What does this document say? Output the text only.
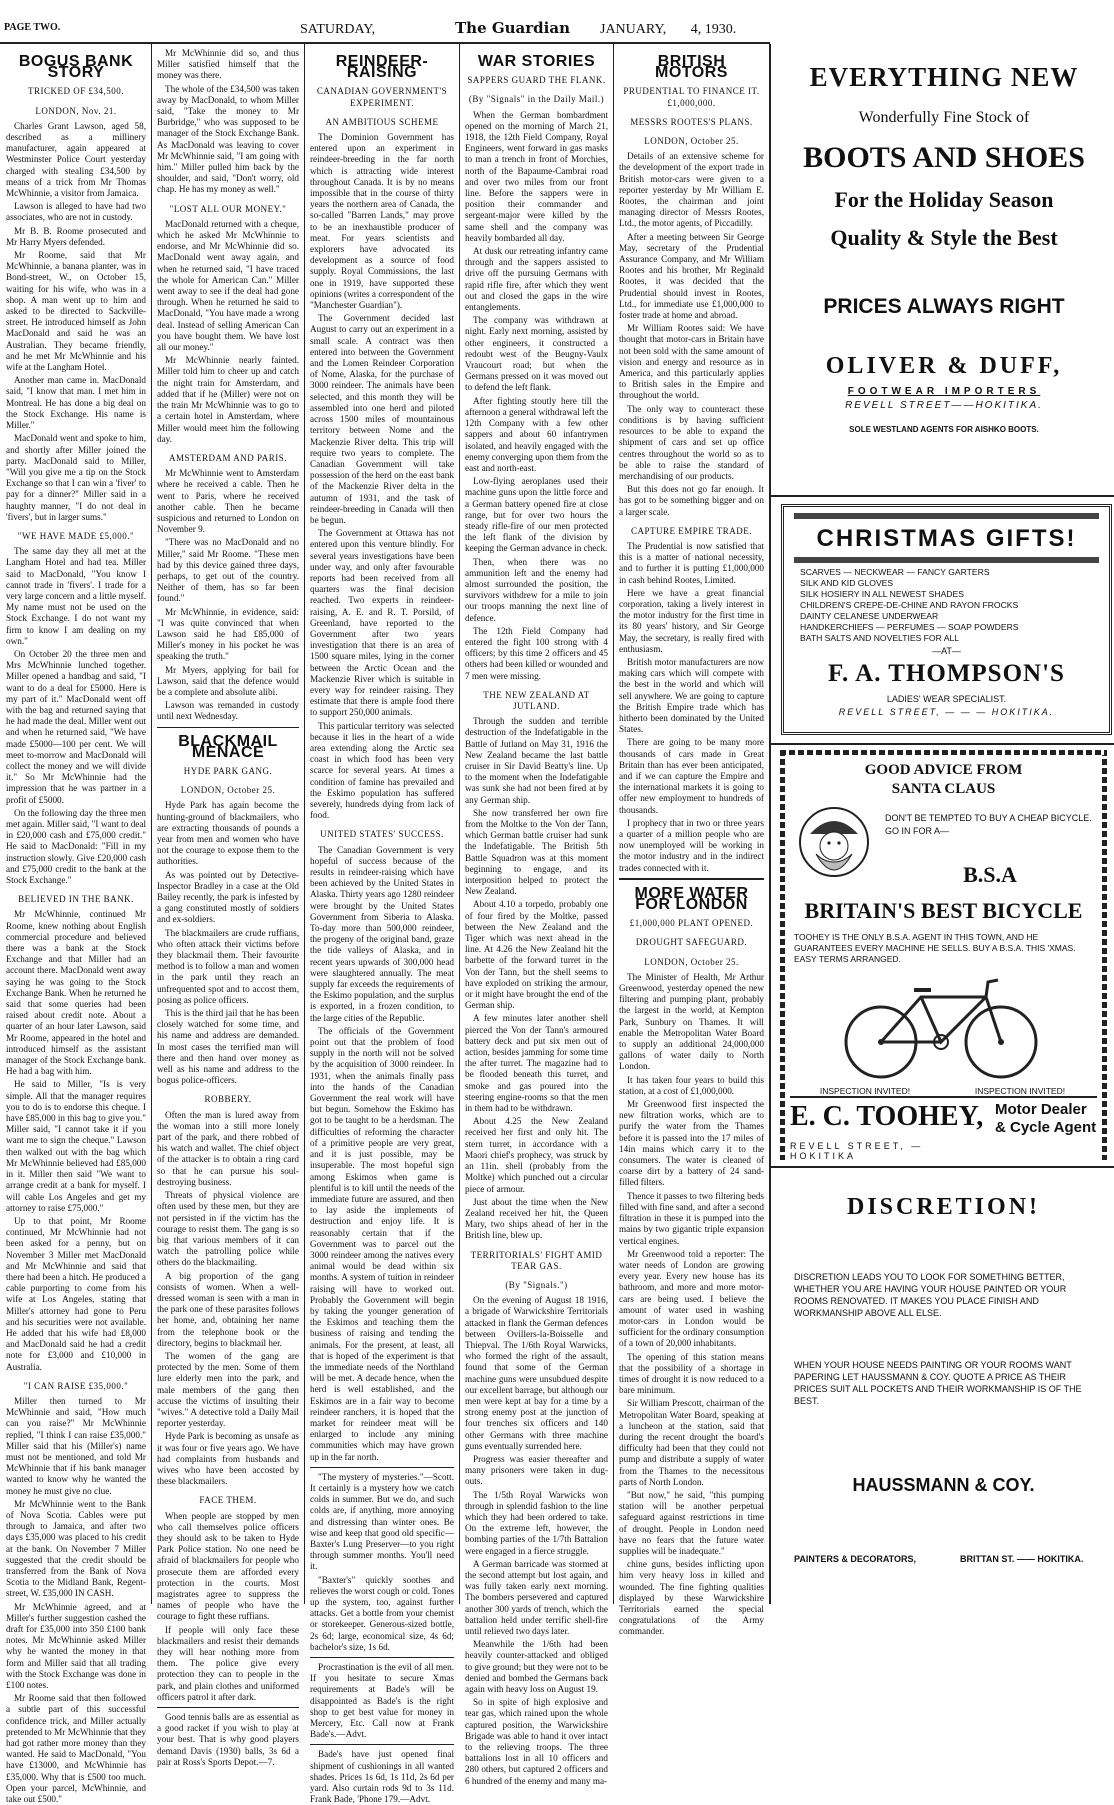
PAGE TWO.	SATURDAY,	The Guardian JANUARY,       4, 1930.
BOGUS BANK STORY
TRICKED OF £34,500.
LONDON, Nov. 21.

Charles Grant Lawson, aged 58, described as a millinery manufacturer, again appeared at Westminster Police Court yesterday charged with stealing £34,500 by means of a trick from Mr Thomas McWhinnie, a visitor from Jamaica.

Lawson is alleged to have had two associates, who are not in custody.

Mr B. B. Roome prosecuted and Mr Harry Myers defended.

Mr Roome, said that Mr McWhinnie, a banana planter, was in Bond-street, W., on October 15, waiting for his wife, who was in a shop. A man went up to him and asked to be directed to Sackville-street. He introduced himself as John MacDonald and said he was an Australian. They became friendly, and he met Mr McWhinnie and his wife at the Langham Hotel.

Another man came in. MacDonald said, "I know that man. I met him in Montreal. He has done a big deal on the Stock Exchange. His name is Miller."

MacDonald went and spoke to him, and shortly after Miller joined the party. MacDonald said to Miller, "Will you give me a tip on the Stock Exchange so that I can win a 'fiver' to pay for a dinner?" Miller said in a haughty manner, "I do not deal in 'fivers', but in larger sums."

"WE HAVE MADE £5,000."

The same day they all met at the Langham Hotel and had tea. Miller said to MacDonald, "You know I cannot trade in 'fivers'. I trade for a very large concern and a little myself. My name must not be used on the Stock Exchange. I do not want my firm to know I am dealing on my own."

On October 20 the three men and Mrs McWhinnie lunched together. Miller opened a handbag and said, "I want to do a deal for £5000. Here is my part of it." MacDonald went off with the bag and returned saying that he had made the deal. Miller went out and when he returned said, "We have made £5000—100 per cent. We will meet to-morrow and MacDonald will collect the money and we will divide it." So Mr McWhinnie had the impression that he was partner in a profit of £5000.

On the following day the three men met again. Miller said, "I want to deal in £20,000 cash and £75,000 credit." He said to MacDonald: "Fill in my instruction slowly. Give £20,000 cash and £75,000 credit to the bank at the Stock Exchange."

BELIEVED IN THE BANK.

Mr McWhinnie, continued Mr Roome, knew nothing about English commercial procedure and believed there was a bank at the Stock Exchange and that Miller had an account there. MacDonald went away saying he was going to the Stock Exchange Bank. When he returned he said that some queries had been raised about credit note. About a quarter of an hour later Lawson, said Mr Roome, appeared in the hotel and introduced himself as the assistant manager of the Stock Exchange bank. He had a bag with him.

He said to Miller, "Is is very simple. All that the manager requires you to do is to endorse this cheque. I have £85,000 in this bag to give you." Miller said, "I cannot take it if you want me to sign the cheque." Lawson then walked out with the bag which Mr McWhinnie believed had £85,000 in it. Miller then said "We want to arrange credit at a bank for myself. I will cable Los Angeles and get my attorney to raise £75,000."

Up to that point, Mr Roome continued, Mr McWhinnie had not been asked for a penny, but on November 3 Miller met MacDonald and Mr McWhinnie and said that there had been a hitch. He produced a cable purporting to come from his wife at Los Angeles, stating that Miller's attorney had gone to Peru and his securities were not available. He added that his wife had £8,000 and MacDonald said he had a credit note for £3,000 and £10,000 in Australia.

"I CAN RAISE £35,000."

Miller then turned to Mr McWhinnie and said, "How much can you raise?" Mr McWhinnie replied, "I think I can raise £35,000." Miller said that his (Miller's) name must not be mentioned, and told Mr McWhinnie that if his bank manager wanted to know why he wanted the money he must give no clue.

Mr McWhinnie went to the Bank of Nova Scotia. Cables were put through to Jamaica, and after two days £35,000 was placed to his credit at the bank. On November 7 Miller suggested that the credit should be transferred from the Bank of Nova Scotia to the Midland Bank, Regent-street, W. £35,000 IN CASH.

Mr McWhinnie agreed, and at Miller's further suggestion cashed the draft for £35,000 into 350 £100 bank notes. Mr McWhinnie asked Miller why he wanted the money in that form and Miller said that all trading with the Stock Exchange was done in £100 notes.

Mr Roome said that then followed a subtle part of this successful confidence trick, and Miller actually pretended to Mr McWhinnie that they had got rather more money than they wanted. He said to MacDonald, "You have £13000, and McWhinnie has £35,000. Why that is £500 too much. Open your parcel, McWhinnie, and take out £500."

Mr McWhinnie did so, and thus Miller satisfied himself that the money was there.

The whole of the £34,500 was taken away by MacDonald, to whom Miller said, "Take the money to Mr Burbridge," who was supposed to be manager of the Stock Exchange Bank. As MacDonald was leaving to cover Mr McWhinnie said, "I am going with him." Miller pulled him back by the shoulder, and said, "Don't worry, old chap. He has my money as well."

"LOST ALL OUR MONEY."

MacDonald returned with a cheque, which he asked Mr McWhinnie to endorse, and Mr McWhinnie did so. MacDonald went away again, and when he returned said, "I have traced the whole for American Can." Miller went away to see if the deal had gone through. When he returned he said to MacDonald, "You have made a wrong deal. Instead of selling American Can you have bought them. We have lost all our money."

Mr McWhinnie nearly fainted. Miller told him to cheer up and catch the night train for Amsterdam, and added that if he (Miller) were not on the train Mr McWhinnie was to go to a certain hotel in Amsterdam, where Miller would meet him the following day.

AMSTERDAM AND PARIS.

Mr McWhinnie went to Amsterdam where he received a cable. Then he went to Paris, where he received another cable. Then he became suspicious and returned to London on November 9.

"There was no MacDonald and no Miller," said Mr Roome. "These men had by this device gained three days, perhaps, to get out of the country. Neither of them, has so far been found."

Mr McWhinnie, in evidence, said: "I was quite convinced that when Lawson said he had £85,000 of Miller's money in his pocket he was speaking the truth."

Mr Myers, applying for bail for Lawson, said that the defence would be a complete and absolute alibi.

Lawson was remanded in custody until next Wednesday.

BLACKMAIL MENACE
HYDE PARK GANG.
LONDON, October 25.

Hyde Park has again become the hunting-ground of blackmailers, who are extracting thousands of pounds a year from men and women who have not the courage to expose them to the authorities.

As was pointed out by Detective-Inspector Bradley in a case at the Old Bailey recently, the park is infested by a gang constituted mostly of soldiers and ex-soldiers.

The blackmailers are crude ruffians, who often attack their victims before they blackmail them. Their favourite method is to follow a man and women in the park until they reach an unfrequented spot and to accost them, posing as police officers.

This is the third jail that he has been closely watched for some time, and his name and address are demanded. In most cases the terrified man will there and then hand over money as well as his name and address to the bogus police-officers.

ROBBERY.

Often the man is lured away from the woman into a still more lonely part of the park, and there robbed of his watch and wallet. The chief object of the attacker is to obtain a ring card so that he can pursue his soul-destroying business.

Threats of physical violence are often used by these men, but they are not persisted in if the victim has the courage to resist them. The gang is so big that various members of it can watch the patrolling police while others do the blackmailing.

A big proportion of the gang consists of women. When a well-dressed woman is seen with a man in the park one of these parasites follows her home, and, obtaining her name from the telephone book or the directory, begins to blackmail her.

The women of the gang are protected by the men. Some of them lure elderly men into the park, and male members of the gang then accuse the victims of insulting their "wives." A detective told a Daily Mail reporter yesterday.

Hyde Park is becoming as unsafe as it was four or five years ago. We have had complaints from husbands and wives who have been accosted by these blackmailers.

FACE THEM.

When people are stopped by men who call themselves police officers they should ask to be taken to Hyde Park Police station. No one need be afraid of blackmailers for people who prosecute them are afforded every protection in the courts. Most magistrates agree to suppress the names of people who have the courage to fight these ruffians.

If people will only face these blackmailers and resist their demands they will hear nothing more from them. The police give every protection they can to people in the park, and plain clothes and uniformed officers patrol it after dark.

Good tennis balls are as essential as a good racket if you wish to play at your best. That is why good players demand Davis (1930) balls, 3s 6d a pair at Ross's Sports Depot.—7.

REINDEER-RAISING
CANADIAN GOVERNMENT'S EXPERIMENT.
AN AMBITIOUS SCHEME

The Dominion Government has entered upon an experiment in reindeer-breeding in the far north which is attracting wide interest throughout Canada. It is by no means impossible that in the course of thirty years the northern area of Canada, the so-called "Barren Lands," may prove to be an inexhaustible producer of meat. For years scientists and explorers have advocated its development as a source of food supply. Royal Commissions, the last one in 1919, have supported these opinions (writes a correspondent of the "Manchester Guardian").

The Government decided last August to carry out an experiment in a small scale. A contract was then entered into between the Government and the Lomen Reindeer Corporation of Nome, Alaska, for the purchase of 3000 reindeer. The animals have been selected, and this month they will be assembled into one herd and piloted across 1500 miles of mountainous territory between Nome and the Mackenzie River delta. This trip will require two years to complete. The Canadian Government will take possession of the herd on the east bank of the Mackenzie River delta in the autumn of 1931, and the task of reindeer-breeding in Canada will then be begun.

The Government at Ottawa has not entered upon this venture blindly. For several years investigations have been under way, and only after favourable reports had been received from all quarters was the final decision reached. Two experts in reindeer-raising, A. E. and R. T. Porsild, of Greenland, have reported to the Government after two years investigation that there is an area of 1500 square miles, lying in the corner between the Arctic Ocean and the Mackenzie River which is suitable in every way for reindeer raising. They estimate that there is ample food there to support 250,000 animals.

This particular territory was selected because it lies in the heart of a wide area extending along the Arctic sea coast in which food has been very scarce for several years. At times a condition of famine has prevailed and the Eskimo population has suffered severely, hundreds dying from lack of food.

UNITED STATES' SUCCESS.

The Canadian Government is very hopeful of success because of the results in reindeer-raising which have been achieved by the United States in Alaska. Thirty years ago 1280 reindeer were brought by the United States Government from Siberia to Alaska. To-day more than 500,000 reindeer, the progeny of the original band, graze the tide valleys of Alaska, and in recent years upwards of 300,000 head were slaughtered annually. The meat supply far exceeds the requirements of the Eskimo population, and the surplus is exported, in a frozen condition, to the large cities of the Republic.

The officials of the Government point out that the problem of food supply in the north will not be solved by the acquisition of 3000 reindeer. In 1931, when the animals finally pass into the hands of the Canadian Government the real work will have but begun. Somehow the Eskimo has got to be taught to be a herdsman. The difficulties of reforming the character of a primitive people are very great, and it is just possible, may be insuperable. The most hopeful sign among Eskimos when game is plentiful is to kill until the needs of the immediate future are assured, and then to lay aside the implements of destruction and enjoy life. It is reasonably certain that if the Government was to parcel out the 3000 reindeer among the natives every animal would be dead within six months. A system of tuition in reindeer raising will have to worked out. Probably the Government will begin by taking the younger generation of the Eskimos and teaching them the business of raising and tending the animals. For the present, at least, all that is hoped of the experiment is that the immediate needs of the Northland will be met. A decade hence, when the herd is well established, and the Eskimos are in a fair way to become reindeer ranchers, it is hoped that the market for reindeer meat will be enlarged to include any mining communities which may have grown up in the far north.

"The mystery of mysteries."—Scott. It certainly is a mystery how we catch colds in summer. But we do, and such colds are, if anything, more annoying and distressing than winter ones. Be wise and keep that good old specific—Baxter's Lung Preserver—to you right through summer months. You'll need it.

"Baxter's" quickly soothes and relieves the worst cough or cold. Tones up the system, too, against further attacks. Get a bottle from your chemist or storekeeper. Generous-sized bottle, 2s 6d; large, economical size, 4s 6d; bachelor's size, 1s 6d.

Procrastination is the evil of all men. If you hesitate to secure Xmas requirements at Bade's will be disappointed as Bade's is the right shop to get best value for money in Mercery, Etc. Call now at Frank Bade's.—Advt.

Bade's have just opened final shipment of cushionings in all wanted shades. Prices 1s 6d, 1s 11d, 2s 6d per yard. Also curtain rods 9d to 3s 11d. Frank Bade, 'Phone 179.—Advt.

WAR STORIES
SAPPERS GUARD THE FLANK.
(By "Signals" in the Daily Mail.)

When the German bombardment opened on the morning of March 21, 1918, the 12th Field Company, Royal Engineers, went forward in gas masks to man a trench in front of Morchies, north of the Bapaume-Cambrai road and over two miles from our front line. Before the sappers were in position their commander and sergeant-major were killed by the same shell and the company was heavily bombarded all day.

At dusk our retreating infantry came through and the sappers assisted to drive off the pursuing Germans with rapid rifle fire, after which they went out and closed the gaps in the wire entanglements.

The company was withdrawn at night. Early next morning, assisted by other engineers, it constructed a redoubt west of the Beugny-Vaulx Vraucourt road; but when the Germans pressed on it was moved out to defend the left flank.

After fighting stoutly here till the afternoon a general withdrawal left the 12th Company with a few other sappers and about 60 infantrymen isolated, and heavily engaged with the enemy converging upon them from the east and north-east.

Low-flying aeroplanes used their machine guns upon the little force and a German battery opened fire at close range, but for over two hours the steady rifle-fire of our men protected the left flank of the division by keeping the German advance in check.

Then, when there was no ammunition left and the enemy had almost surrounded the position, the survivors withdrew for a mile to join our troops manning the next line of defence.

The 12th Field Company had entered the fight 100 strong with 4 officers; by this time 2 officers and 45 others had been killed or wounded and 7 men were missing.

THE NEW ZEALAND AT JUTLAND.

Through the sudden and terrible destruction of the Indefatigable in the Battle of Jutland on May 31, 1916 the New Zealand became the last battle cruiser in Sir David Beatty's line. Up to the moment when the Indefatigable was sunk she had not been fired at by any German ship.

She now transferred her own fire from the Moltke to the Von der Tann, which German battle cruiser had sunk the Indefatigable. The British 5th Battle Squadron was at this moment beginning to engage, and its interposition helped to protect the New Zealand.

About 4.10 a torpedo, probably one of four fired by the Moltke, passed between the New Zealand and the Tiger which was next ahead in the line. At 4.26 the New Zealand hit the barbette of the forward turret in the Von der Tann, but the shell seems to have exploded on striking the armour, or it might have brought the end of the German ship.

A few minutes later another shell pierced the Von der Tann's armoured battery deck and put six men out of action, besides jamming for some time the after turret. The magazine had to be flooded beneath this turret, and smoke and gas poured into the steering engine-rooms so that the men in them had to be withdrawn.

About 4.25 the New Zealand received her first and only hit. The stern turret, in accordance with a Maori chief's prophecy, was struck by an 11in. shell (probably from the Moltke) which punched out a circular piece of armour.

Just about the time when the New Zealand received her hit, the Queen Mary, two ships ahead of her in the British line, blew up.

TERRITORIALS' FIGHT AMID TEAR GAS.
(By "Signals.")

On the evening of August 18 1916, a brigade of Warwickshire Territorials attacked in flank the German defences between Ovillers-la-Boisselle and Thiepval. The 1/6th Royal Warwicks, who formed the right of the assault, found that some of the German machine guns were unsubdued despite our excellent barrage, but although our men were kept at bay for a time by a strong enemy post at the junction of four trenches six officers and 140 other Germans with three machine guns eventually surrended here.

Progress was easier thereafter and many prisoners were taken in dug-outs.

The 1/5th Royal Warwicks won through in splendid fashion to the line which they had been ordered to take. On the extreme left, however, the bombing parties of the 1/7th Battalion were engaged in a fierce struggle.

A German barricade was stormed at the second attempt but lost again, and was fully taken early next morning. The bombers persevered and captured another 300 yards of trench, which the battalion held under terrific shell-fire until relieved two days later.

Meanwhile the 1/6th had been heavily counter-attacked and obliged to give ground; but they were not to be denied and bombed the Germans back again with heavy loss on August 19.

So in spite of high explosive and tear gas, which rained upon the whole captured position, the Warwickshire Brigade was able to hand it over intact to the relieving troops. The three battalions lost in all 10 officers and 280 others, but captured 2 officers and 6 hundred of the enemy and many ma-

BRITISH MOTORS
PRUDENTIAL TO FINANCE IT. £1,000,000.
MESSRS ROOTES'S PLANS.
LONDON, October 25.

Details of an extensive scheme for the development of the export trade in British motor-cars were given to a reporter yesterday by Mr William E. Rootes, the chairman and joint managing director of Messrs Rootes, Ltd., the motor agents, of Piccadilly.

After a meeting between Sir George May, secretary of the Prudential Assurance Company, and Mr William Rootes and his brother, Mr Reginald Rootes, it was decided that the Prudential should invest in Rootes, Ltd., for immediate use £1,000,000 to foster trade at home and abroad.

Mr William Rootes said: We have thought that motor-cars in Britain have not been sold with the same amount of vision and energy and resource as in America, and this particularly applies to British sales in the Empire and throughout the world.

The only way to counteract these conditions is by having sufficient resources to be able to expand the shipment of cars and set up office centres throughout the world so as to be able to raise the standard of merchandising of our products.

But this does not go far enough. It has got to be something bigger and on a larger scale.

CAPTURE EMPIRE TRADE.

The Prudential is now satisfied that this is a matter of national necessity, and to further it is putting £1,000,000 in cash behind Rootes, Limited.

Here we have a great financial corporation, taking a lively interest in the motor industry for the first time in its 80 years' history, and Sir George May, the secretary, is really fired with enthusiasm.

British motor manufacturers are now making cars which will compete with the best in the world and which will sell anywhere. We are going to capture the British Empire trade which has hitherto been dominated by the United States.

There are going to be many more thousands of cars made in Great Britain than has ever been anticipated, and if we can capture the Empire and the international markets it is going to offer new employment to hundreds of thousands.

I prophecy that in two or three years a quarter of a million people who are now unemployed will be working in the motor industry and in the indirect trades connected with it.

MORE WATER FOR LONDON
£1,000,000 PLANT OPENED.
DROUGHT SAFEGUARD.
LONDON, October 25.

The Minister of Health, Mr Arthur Greenwood, yesterday opened the new filtering and pumping plant, probably the largest in the world, at Kempton Park, Sunbury on Thames. It will enable the Metropolitan Water Board to supply an additional 24,000,000 gallons of water daily to North London.

It has taken four years to build this station, at a cost of £1,000,000.

Mr Greenwood first inspected the new filtration works, which are to purify the water from the Thames before it is passed into the 17 miles of 14in mains which carry it to the consumers. The water is cleaned of coarse dirt by a battery of 24 sand-filled filters.

Thence it passes to two filtering beds filled with fine sand, and after a second filtration in these it is pumped into the mains by two gigantic triple expansion vertical engines.

Mr Greenwood told a reporter: The water needs of London are growing every year. Every new house has its bathroom, and more and more motor-cars are being used. I believe the amount of water used in washing motor-cars in London would be sufficient for the ordinary consumption of a town of 20,000 inhabitants.

The opening of this station means that the possibility of a shortage in times of drought it is now reduced to a bare minimum.

Sir William Prescott, chairman of the Metropolitan Water Board, speaking at a luncheon at the station, said that during the recent drought the board's difficulty had been that they could not pump and distribute a supply of water from the Thames to the necessitous parts of North London.

"But now," he said, "this pumping station will be another perpetual safeguard against restrictions in time of drought. People in London need have no fears that the future water supplies will be inadequate."

chine guns, besides inflicting upon him very heavy loss in killed and wounded. The fine fighting qualities displayed by these Warwickshire Territorials earned the special congratulations of the Army commander.

EVERYTHING NEW
Wonderfully Fine Stock of
BOOTS AND SHOES
For the Holiday Season
Quality & Style the Best
PRICES ALWAYS RIGHT
OLIVER & DUFF,
FOOTWEAR IMPORTERS
REVELL STREET——HOKITIKA.
SOLE WESTLAND AGENTS FOR AISHKO BOOTS.
CHRISTMAS GIFTS!
SCARVES — NECKWEAR — FANCY GARTERS
SILK AND KID GLOVES
SILK HOSIERY IN ALL NEWEST SHADES
CHILDREN'S CREPE-DE-CHINE AND RAYON FROCKS
DAINTY CELANESE UNDERWEAR
HANDKERCHIEFS — PERFUMES — SOAP POWDERS
BATH SALTS AND NOVELTIES FOR ALL
—AT—
F. A. THOMPSON'S
LADIES' WEAR SPECIALIST.
REVELL STREET, — — — HOKITIKA.
GOOD ADVICE FROM
SANTA CLAUS
DON'T BE TEMPTED TO BUY A CHEAP BICYCLE. GO IN FOR A—
B.S.A
BRITAIN'S BEST BICYCLE
TOOHEY IS THE ONLY B.S.A. AGENT IN THIS TOWN, AND HE GUARANTEES EVERY MACHINE HE SELLS. BUY A B.S.A. THIS 'XMAS. EASY TERMS ARRANGED.
INSPECTION INVITED!	INSPECTION INVITED!
E. C. TOOHEY, Motor Dealer
& Cycle Agent
REVELL STREET, — HOKITIKA
DISCRETION!
DISCRETION LEADS YOU TO LOOK FOR SOMETHING BETTER, WHETHER YOU ARE HAVING YOUR HOUSE PAINTED OR YOUR ROOMS RENOVATED. IT MAKES YOU PLACE FINISH AND WORKMANSHIP ABOVE ALL ELSE.
WHEN YOUR HOUSE NEEDS PAINTING OR YOUR ROOMS WANT PAPERING LET HAUSSMANN & COY. QUOTE A PRICE AS THEIR PRICES SUIT ALL POCKETS AND THEIR WORKMANSHIP IS OF THE BEST.
HAUSSMANN & COY.
PAINTERS & DECORATORS,	BRITTAN ST. —— HOKITIKA.
